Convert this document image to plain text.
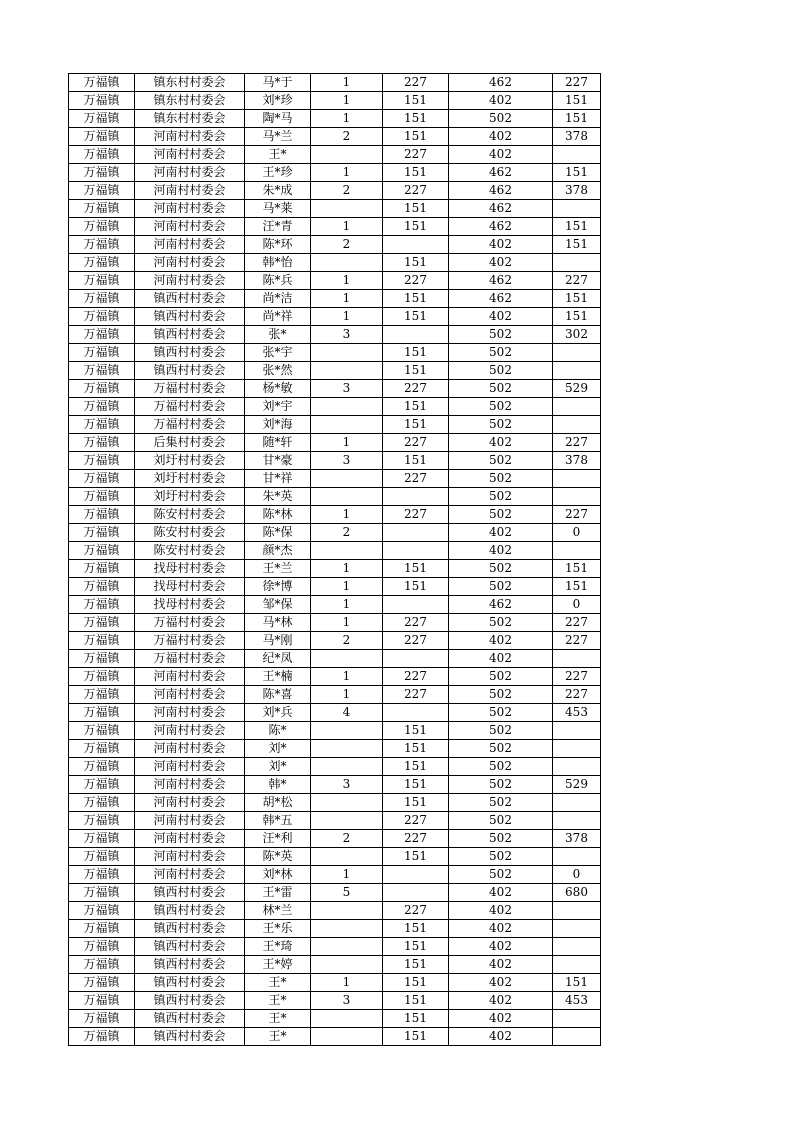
万福镇	镇东村村委会	马*于	1	227	462	227
万福镇	镇东村村委会	刘*珍	1	151	402	151
万福镇	镇东村村委会	陶*马	1	151	502	151
万福镇	河南村村委会	马*兰	2	151	402	378
万福镇	河南村村委会	王*		227	402	
万福镇	河南村村委会	王*珍	1	151	462	151
万福镇	河南村村委会	朱*成	2	227	462	378
万福镇	河南村村委会	马*莱		151	462	
万福镇	河南村村委会	汪*青	1	151	462	151
万福镇	河南村村委会	陈*环	2		402	151
万福镇	河南村村委会	韩*怡		151	402	
万福镇	河南村村委会	陈*兵	1	227	462	227
万福镇	镇西村村委会	尚*洁	1	151	462	151
万福镇	镇西村村委会	尚*祥	1	151	402	151
万福镇	镇西村村委会	张*	3		502	302
万福镇	镇西村村委会	张*宇		151	502	
万福镇	镇西村村委会	张*然		151	502	
万福镇	万福村村委会	杨*敏	3	227	502	529
万福镇	万福村村委会	刘*宇		151	502	
万福镇	万福村村委会	刘*海		151	502	
万福镇	后集村村委会	随*轩	1	227	402	227
万福镇	刘圩村村委会	甘*豪	3	151	502	378
万福镇	刘圩村村委会	甘*祥		227	502	
万福镇	刘圩村村委会	朱*英			502	
万福镇	陈安村村委会	陈*林	1	227	502	227
万福镇	陈安村村委会	陈*保	2		402	0
万福镇	陈安村村委会	颜*杰			402	
万福镇	找母村村委会	王*兰	1	151	502	151
万福镇	找母村村委会	徐*博	1	151	502	151
万福镇	找母村村委会	邹*保	1		462	0
万福镇	万福村村委会	马*林	1	227	502	227
万福镇	万福村村委会	马*刚	2	227	402	227
万福镇	万福村村委会	纪*凤			402	
万福镇	河南村村委会	王*楠	1	227	502	227
万福镇	河南村村委会	陈*喜	1	227	502	227
万福镇	河南村村委会	刘*兵	4		502	453
万福镇	河南村村委会	陈*		151	502	
万福镇	河南村村委会	刘*		151	502	
万福镇	河南村村委会	刘*		151	502	
万福镇	河南村村委会	韩*	3	151	502	529
万福镇	河南村村委会	胡*松		151	502	
万福镇	河南村村委会	韩*五		227	502	
万福镇	河南村村委会	汪*利	2	227	502	378
万福镇	河南村村委会	陈*英		151	502	
万福镇	河南村村委会	刘*林	1		502	0
万福镇	镇西村村委会	王*雷	5		402	680
万福镇	镇西村村委会	林*兰		227	402	
万福镇	镇西村村委会	王*乐		151	402	
万福镇	镇西村村委会	王*琦		151	402	
万福镇	镇西村村委会	王*婷		151	402	
万福镇	镇西村村委会	王*	1	151	402	151
万福镇	镇西村村委会	王*	3	151	402	453
万福镇	镇西村村委会	王*		151	402	
万福镇	镇西村村委会	王*		151	402	
